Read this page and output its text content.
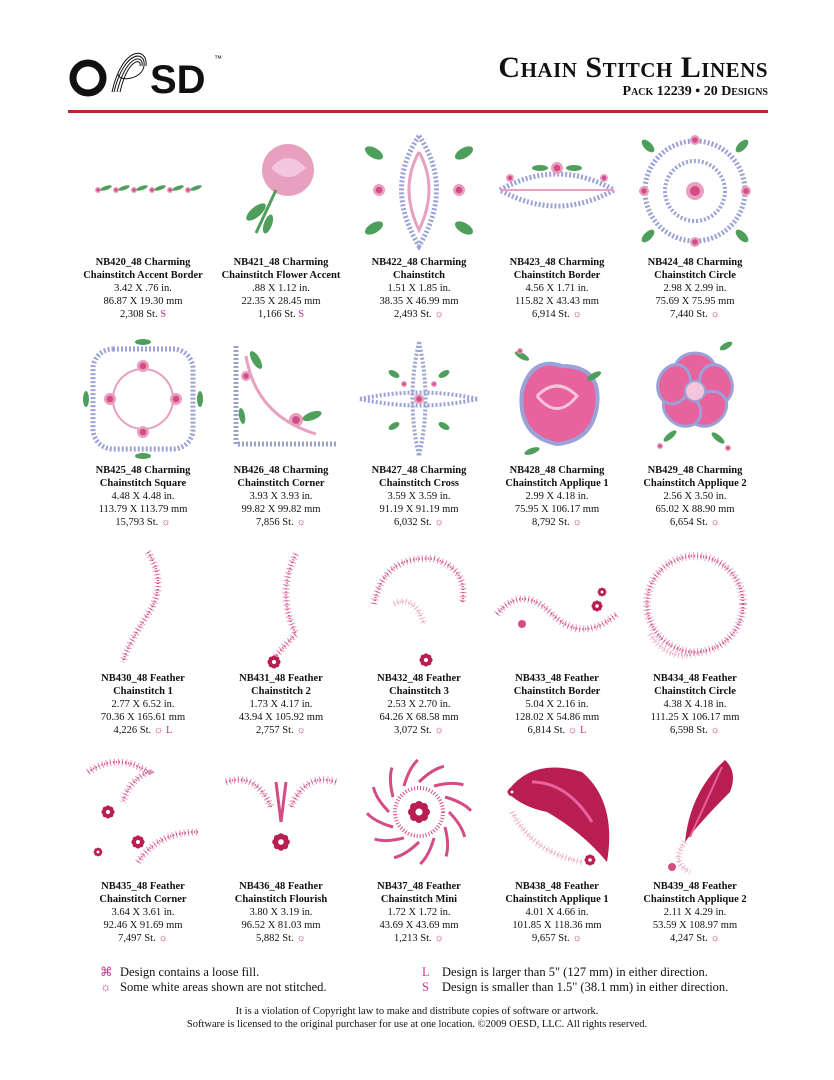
SD ™	Chain Stitch Linens
Pack 12239 • 20 Designs
NB420_48 Charming
Chainstitch Accent Border
3.42 X .76 in.
86.87 X 19.30 mm
2,308 St. S
NB421_48 Charming
Chainstitch Flower Accent
.88 X 1.12 in.
22.35 X 28.45 mm
1,166 St. S
NB422_48 Charming
Chainstitch
1.51 X 1.85 in.
38.35 X 46.99 mm
2,493 St. ☼
NB423_48 Charming
Chainstitch Border
4.56 X 1.71 in.
115.82 X 43.43 mm
6,914 St. ☼
NB424_48 Charming
Chainstitch Circle
2.98 X 2.99 in.
75.69 X 75.95 mm
7,440 St. ☼
NB425_48 Charming
Chainstitch Square
4.48 X 4.48 in.
113.79 X 113.79 mm
15,793 St. ☼
NB426_48 Charming
Chainstitch Corner
3.93 X 3.93 in.
99.82 X 99.82 mm
7,856 St. ☼
NB427_48 Charming
Chainstitch Cross
3.59 X 3.59 in.
91.19 X 91.19 mm
6,032 St. ☼
NB428_48 Charming
Chainstitch Applique 1
2.99 X 4.18 in.
75.95 X 106.17 mm
8,792 St. ☼
NB429_48 Charming
Chainstitch Applique 2
2.56 X 3.50 in.
65.02 X 88.90 mm
6,654 St. ☼
NB430_48 Feather
Chainstitch 1
2.77 X 6.52 in.
70.36 X 165.61 mm
4,226 St. ☼ L
NB431_48 Feather
Chainstitch 2
1.73 X 4.17 in.
43.94 X 105.92 mm
2,757 St. ☼
NB432_48 Feather
Chainstitch 3
2.53 X 2.70 in.
64.26 X 68.58 mm
3,072 St. ☼
NB433_48 Feather
Chainstitch Border
5.04 X 2.16 in.
128.02 X 54.86 mm
6,814 St. ☼ L
NB434_48 Feather
Chainstitch Circle
4.38 X 4.18 in.
111.25 X 106.17 mm
6,598 St. ☼
NB435_48 Feather
Chainstitch Corner
3.64 X 3.61 in.
92.46 X 91.69 mm
7,497 St. ☼
NB436_48 Feather
Chainstitch Flourish
3.80 X 3.19 in.
96.52 X 81.03 mm
5,882 St. ☼
NB437_48 Feather
Chainstitch Mini
1.72 X 1.72 in.
43.69 X 43.69 mm
1,213 St. ☼
NB438_48 Feather
Chainstitch Applique 1
4.01 X 4.66 in.
101.85 X 118.36 mm
9,657 St. ☼
NB439_48 Feather
Chainstitch Applique 2
2.11 X 4.29 in.
53.59 X 108.97 mm
4,247 St. ☼
⌘ Design contains a loose fill.
☼ Some white areas shown are not stitched.
L Design is larger than 5" (127 mm) in either direction.
S Design is smaller than 1.5" (38.1 mm) in either direction.
It is a violation of Copyright law to make and distribute copies of software or artwork.
Software is licensed to the original purchaser for use at one location. ©2009 OESD, LLC. All rights reserved.
